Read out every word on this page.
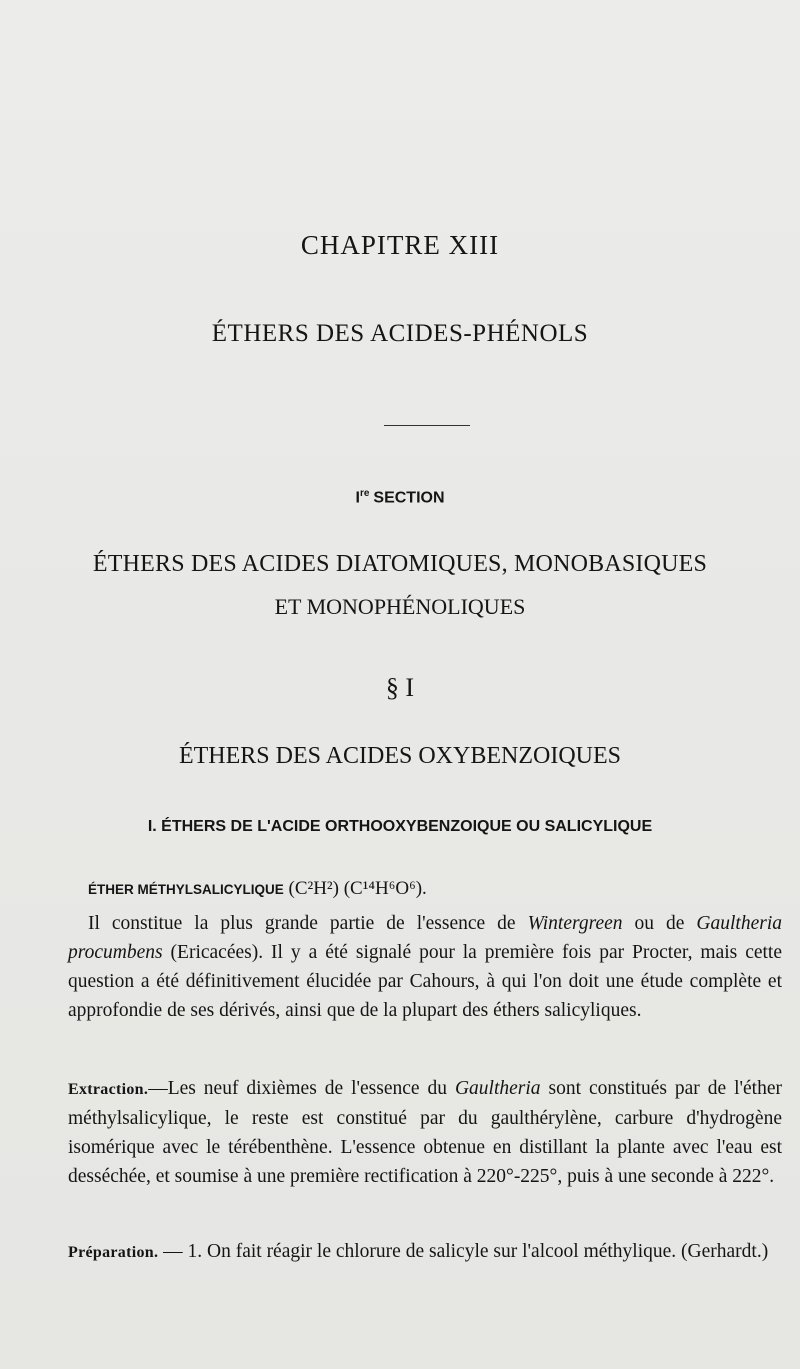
CHAPITRE XIII
ÉTHERS DES ACIDES-PHÉNOLS
Ire SECTION
ÉTHERS DES ACIDES DIATOMIQUES, MONOBASIQUES
ET MONOPHÉNOLIQUES
§ I
ÉTHERS DES ACIDES OXYBENZOIQUES
I. ÉTHERS DE L'ACIDE ORTHOOXYBENZOIQUE OU SALICYLIQUE
ÉTHER MÉTHYLSALICYLIQUE (C²H²) (C¹⁴H⁶O⁶).
Il constitue la plus grande partie de l'essence de Wintergreen ou de Gaultheria procumbens (Ericacées). Il y a été signalé pour la première fois par Procter, mais cette question a été définitivement élucidée par Cahours, à qui l'on doit une étude complète et approfondie de ses dérivés, ainsi que de la plupart des éthers salicyliques.
Extraction.—Les neuf dixièmes de l'essence du Gaultheria sont constitués par de l'éther méthylsalicylique, le reste est constitué par du gaulthérylène, carbure d'hydrogène isomérique avec le térébenthène. L'essence obtenue en distillant la plante avec l'eau est desséchée, et soumise à une première rectification à 220°-225°, puis à une seconde à 222°.
Préparation. — 1. On fait réagir le chlorure de salicyle sur l'alcool méthylique. (Gerhardt.)
